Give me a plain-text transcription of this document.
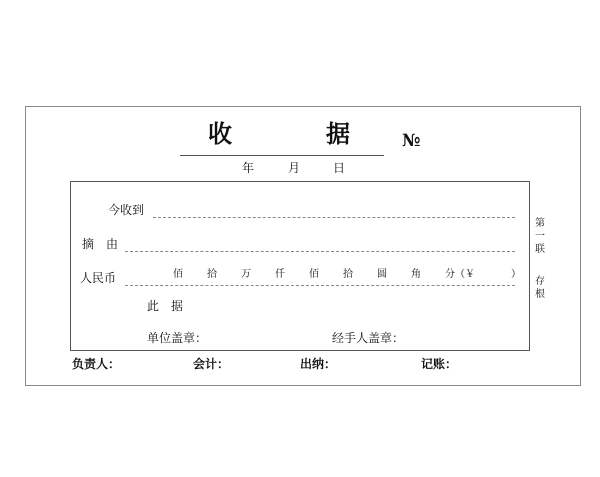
收	据	№
年	月	日
今收到
摘　由
人民币	佰 拾 万 仟 佰 拾 圆 角 分（￥	）
此　据
单位盖章：	经手人盖章：
第
一
联
存
根
负责人：	会计：	出纳：	记账：
